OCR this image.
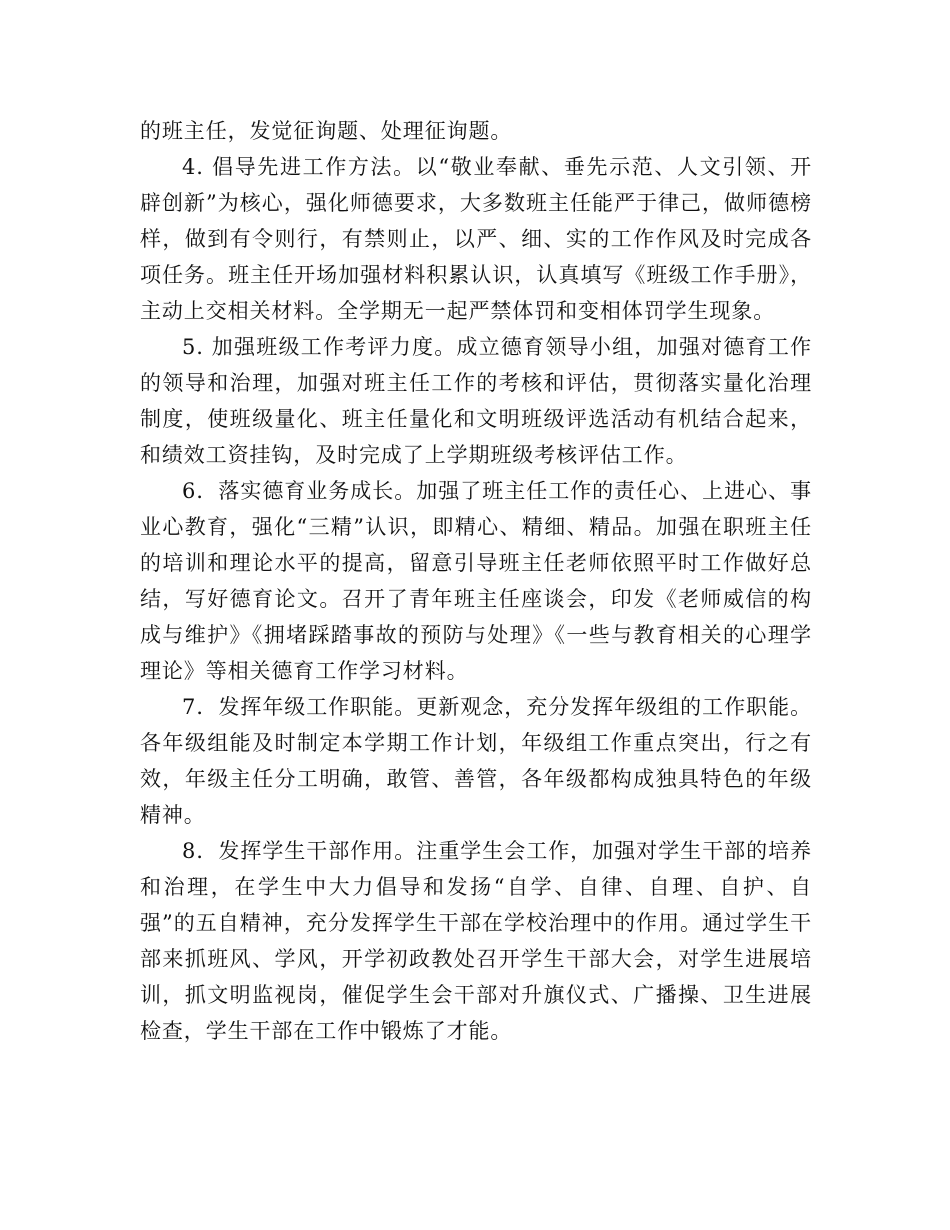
的班主任，发觉征询题、处理征询题。

4. 倡导先进工作方法。以“敬业奉献、垂先示范、人文引领、开辟创新”为核心，强化师德要求，大多数班主任能严于律己，做师德榜样，做到有令则行，有禁则止，以严、细、实的工作作风及时完成各项任务。班主任开场加强材料积累认识，认真填写《班级工作手册》，主动上交相关材料。全学期无一起严禁体罚和变相体罚学生现象。

5. 加强班级工作考评力度。成立德育领导小组，加强对德育工作的领导和治理，加强对班主任工作的考核和评估，贯彻落实量化治理制度，使班级量化、班主任量化和文明班级评选活动有机结合起来，和绩效工资挂钩，及时完成了上学期班级考核评估工作。

6．落实德育业务成长。加强了班主任工作的责任心、上进心、事业心教育，强化“三精”认识，即精心、精细、精品。加强在职班主任的培训和理论水平的提高，留意引导班主任老师依照平时工作做好总结，写好德育论文。召开了青年班主任座谈会，印发《老师威信的构成与维护》《拥堵踩踏事故的预防与处理》《一些与教育相关的心理学理论》等相关德育工作学习材料。

7．发挥年级工作职能。更新观念，充分发挥年级组的工作职能。各年级组能及时制定本学期工作计划，年级组工作重点突出，行之有效，年级主任分工明确，敢管、善管，各年级都构成独具特色的年级精神。

8．发挥学生干部作用。注重学生会工作，加强对学生干部的培养和治理，在学生中大力倡导和发扬“自学、自律、自理、自护、自强”的五自精神，充分发挥学生干部在学校治理中的作用。通过学生干部来抓班风、学风，开学初政教处召开学生干部大会，对学生进展培训，抓文明监视岗，催促学生会干部对升旗仪式、广播操、卫生进展检查，学生干部在工作中锻炼了才能。
